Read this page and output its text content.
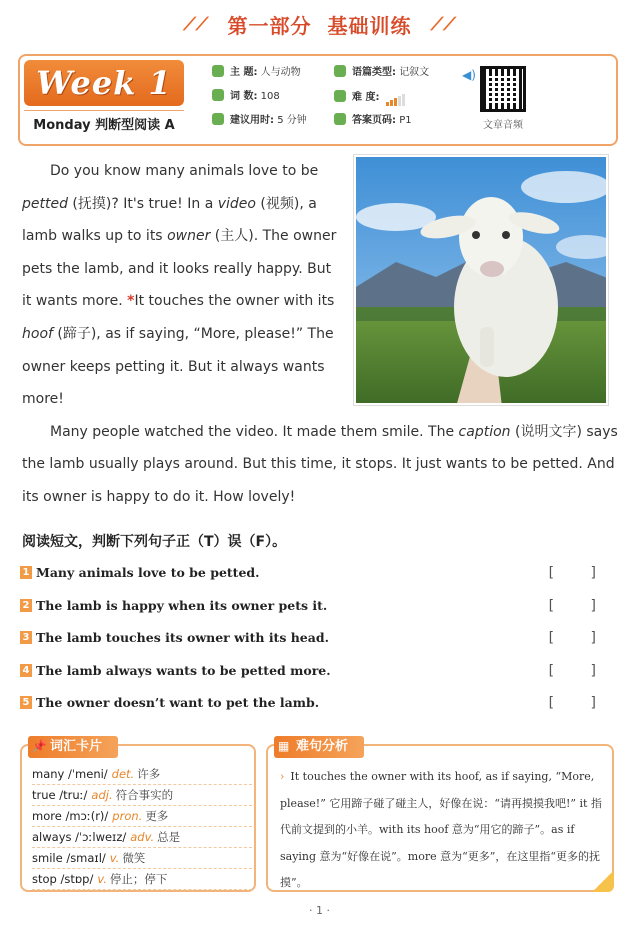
⟋⟋ 第一部分 基础训练 ⟋⟋
Week 1
Monday 判断型阅读 A
主 题: 人与动物
词 数: 108
建议用时: 5 分钟
语篇类型: 记叙文
难 度:
答案页码: P1
◀)
文章音频

Do you know many animals love to be petted (抚摸)? It's true! In a video (视频), a lamb walks up to its owner (主人). The owner pets the lamb, and it looks really happy. But it wants more. *It touches the owner with its hoof (蹄子), as if saying, “More, please!” The owner keeps petting it. But it always wants more!

Many people watched the video. It made them smile. The caption (说明文字) says the lamb usually plays around. But this time, it stops. It just wants to be petted. And its owner is happy to do it. How lovely!

阅读短文，判断下列句子正（T）误（F）。
1 Many animals love to be petted.	[ ]
2 The lamb is happy when its owner pets it.	[ ]
3 The lamb touches its owner with its head.	[ ]
4 The lamb always wants to be petted more.	[ ]
5 The owner doesn’t want to pet the lamb.	[ ]
📌 词汇卡片
many /ˈmeni/ det. 许多
true /truː/ adj. 符合事实的
more /mɔː(r)/ pron. 更多
always /ˈɔːlweɪz/ adv. 总是
smile /smaɪl/ v. 微笑
stop /stɒp/ v. 停止；停下
▦ 难句分析
› It touches the owner with its hoof, as if saying, “More, please!” 它用蹄子碰了碰主人，好像在说：“请再摸摸我吧!” it 指代前文提到的小羊。with its hoof 意为“用它的蹄子”。as if saying 意为“好像在说”。more 意为“更多”，在这里指“更多的抚摸”。
· 1 ·
